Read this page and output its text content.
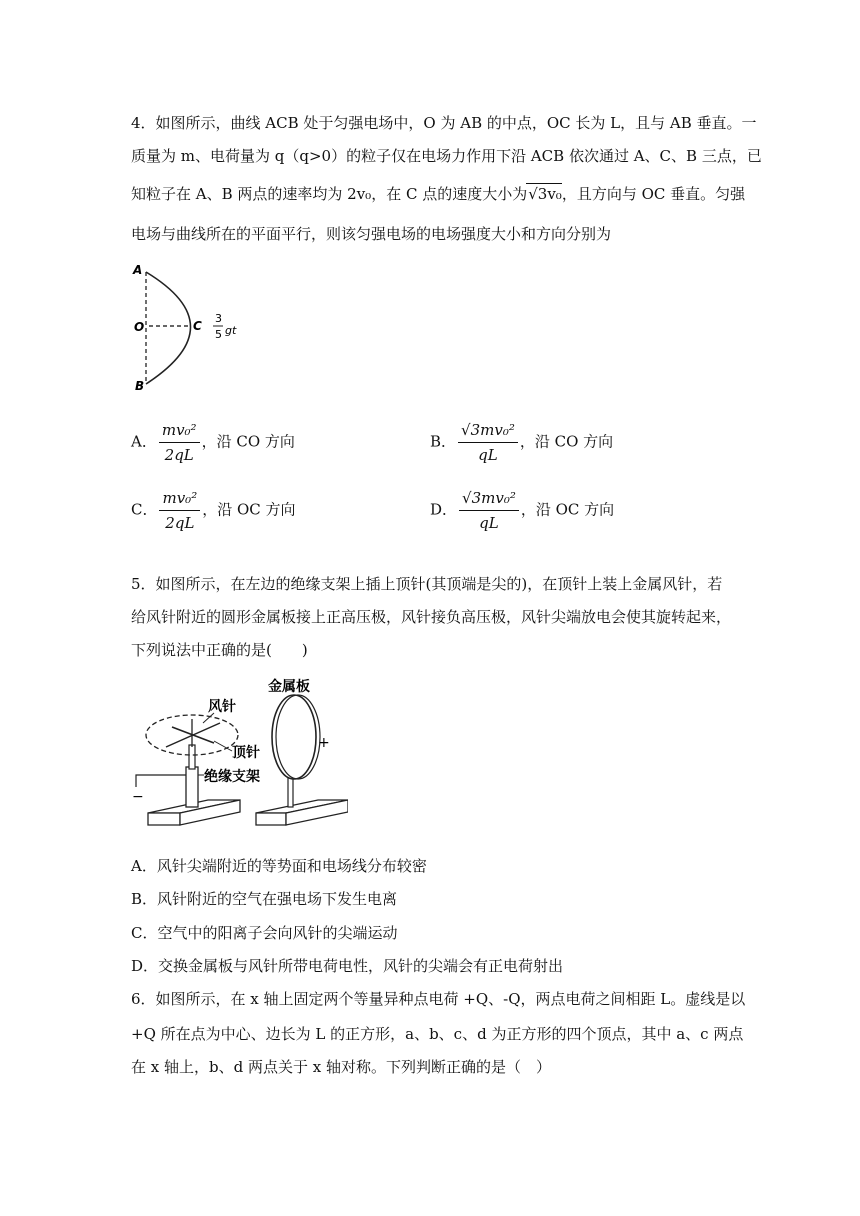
4．如图所示，曲线 ACB 处于匀强电场中，O 为 AB 的中点，OC 长为 L，且与 AB 垂直。一
质量为 m、电荷量为 q（q>0）的粒子仅在电场力作用下沿 ACB 依次通过 A、C、B 三点，已
知粒子在 A、B 两点的速率均为 2v₀，在 C 点的速度大小为√3v₀，且方向与 OC 垂直。匀强
电场与曲线所在的平面平行，则该匀强电场的电场强度大小和方向分别为
A
O	C
B
3
5 gt
A． $\frac{\text{mv₀²}}{2qL}$ ，沿 CO 方向	B． $\frac{\text{√3mv₀²}}{qL}$ ，沿 CO 方向
C． $\frac{\text{mv₀²}}{2qL}$ ，沿 OC 方向	D． $\frac{\text{√3mv₀²}}{qL}$ ，沿 OC 方向
5．如图所示，在左边的绝缘支架上插上顶针(其顶端是尖的)，在顶针上装上金属风针，若
给风针附近的圆形金属板接上正高压极，风针接负高压极，风针尖端放电会使其旋转起来，
下列说法中正确的是(　　)
−
风针
顶针
绝缘支架
金属板
+
A．风针尖端附近的等势面和电场线分布较密
B．风针附近的空气在强电场下发生电离
C．空气中的阳离子会向风针的尖端运动
D．交换金属板与风针所带电荷电性，风针的尖端会有正电荷射出
6．如图所示，在 x 轴上固定两个等量异种点电荷 +Q、-Q，两点电荷之间相距 L。虚线是以
+Q 所在点为中心、边长为 L 的正方形，a、b、c、d 为正方形的四个顶点，其中 a、c 两点
在 x 轴上，b、d 两点关于 x 轴对称。下列判断正确的是（　）
